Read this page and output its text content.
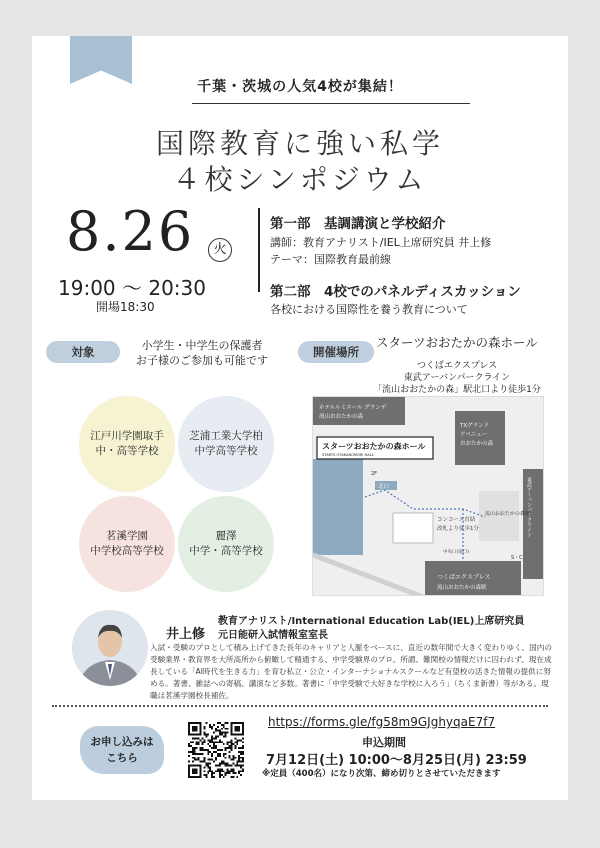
千葉・茨城の人気4校が集結！
国際教育に強い私学
４校シンポジウム
8.26	火
19:00 ～ 20:30
開場18:30
第一部　基調講演と学校紹介
講師：教育アナリスト/IEL上席研究員 井上修
テーマ：国際教育最前線
第二部　4校でのパネルディスカッション
各校における国際性を養う教育について
対象	小学生・中学生の保護者
お子様のご参加も可能です
開催場所
スターツおおたかの森ホール
つくばエクスプレス
東武アーバンパークライン
「流山おおたかの森」駅北口より徒歩1分
江戸川学園取手
中・高等学校
芝浦工業大学柏
中学高等学校
茗溪学園
中学校高等学校
麗澤
中学・高等学校
ホテルルミエール グランデ
流山おおたかの森
TXグランド
アベニュー
おおたかの森
スターツおおたかの森ホール
STARTS OTAKANOMORI HALL
東武アーバンパークライン
流山おおたかの森駅
コンコース直結
改札より徒歩1分
北口
2F
つくばエクスプレス
流山おおたかの森駅
中央口(南口)
S・C
教育アナリスト/International Education Lab(IEL)上席研究員
井上修 元日能研入試情報室室長
入試・受験のプロとして積み上げてきた長年のキャリアと人脈をベースに、直近の数年間で大きく変わりゆく、国内の受験業界・教育界を大所高所から俯瞰して精通する、中学受験界のプロ。所謂、難関校の情報だけに囚われず、現在成長している「AI時代を生きる力」を育む私立・公立・インターナショナルスクールなど有望校の活きた情報の提供に努める。著書、雑誌への寄稿、講演など多数。著書に「中学受験で大好きな学校に入ろう」（ちくま新書）等がある。現職は茗溪学園校長補佐。
お申し込みは
こちら
https://forms.gle/fg58m9GJghyqaE7f7
申込期間
7月12日(土) 10:00～8月25日(月) 23:59
※定員（400名）になり次第、締め切りとさせていただきます
